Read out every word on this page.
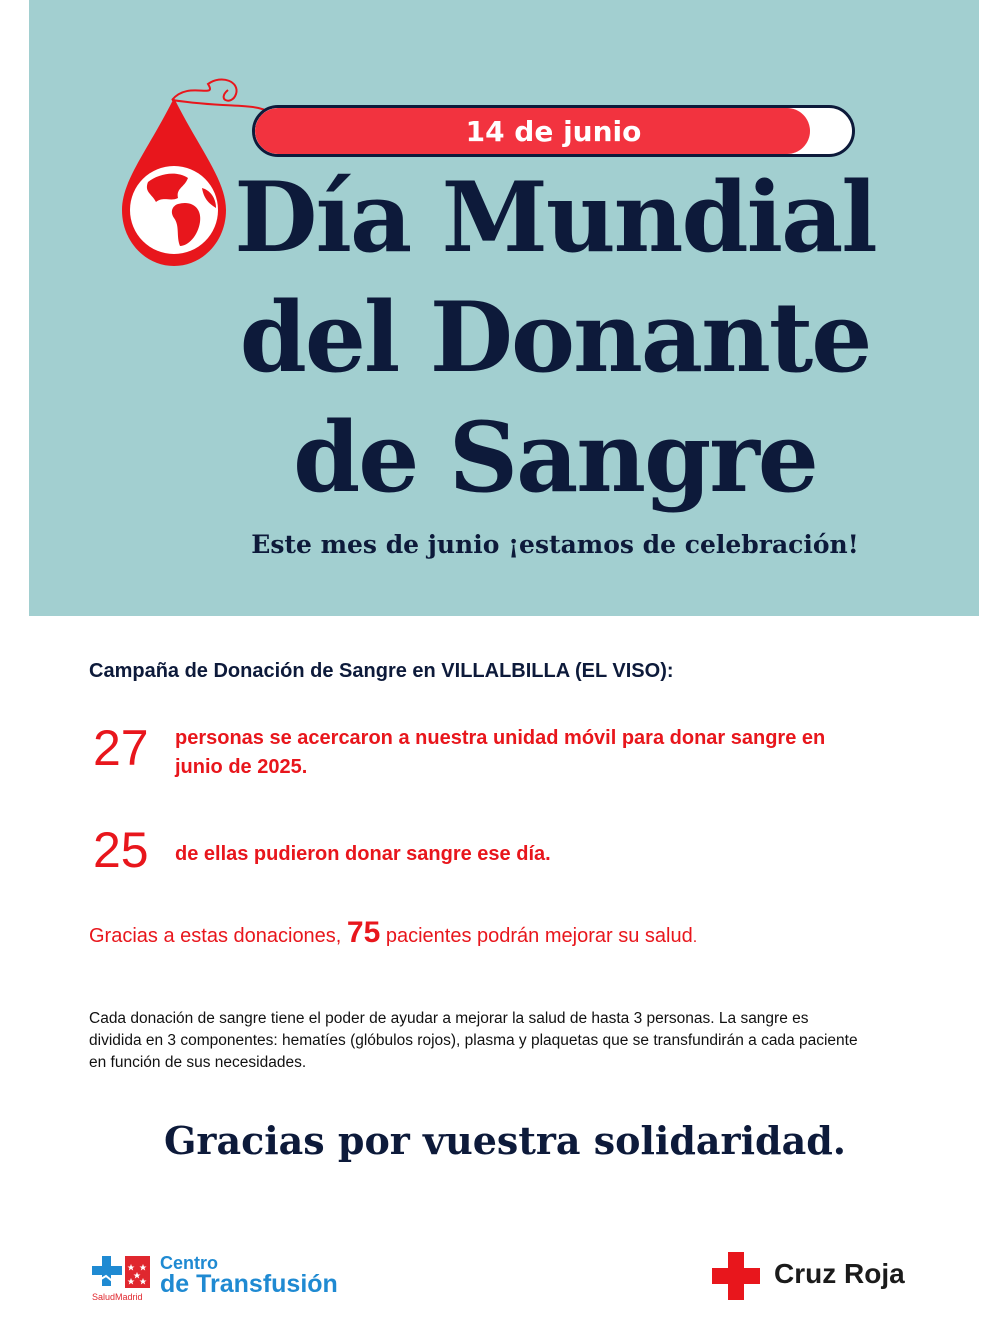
14 de junio
Día Mundial
del Donante
de Sangre
Este mes de junio ¡estamos de celebración!
Campaña de Donación de Sangre en VILLALBILLA (EL VISO):
27 personas se acercaron a nuestra unidad móvil para donar sangre en junio de 2025.
25 de ellas pudieron donar sangre ese día.
Gracias a estas donaciones, 75 pacientes podrán mejorar su salud.
Cada donación de sangre tiene el poder de ayudar a mejorar la salud de hasta 3 personas. La sangre es dividida en 3 componentes: hematíes (glóbulos rojos), plasma y plaquetas que se transfundirán a cada paciente en función de sus necesidades.
Gracias por vuestra solidaridad.
SaludMadrid
Centro
de Transfusión	Cruz Roja
